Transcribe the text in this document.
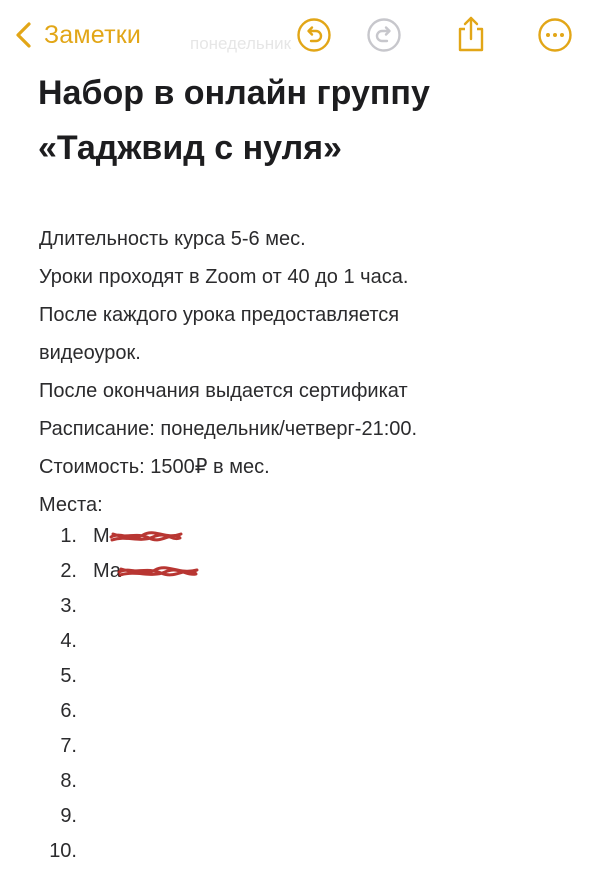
понедельник
Заметки
Набор в онлайн группу
«Таджвид с нуля»

Длительность курса 5-6 мес.

Уроки проходят в Zoom от 40 до 1 часа.

После каждого урока предоставляется

видеоурок.

После окончания выдается сертификат

Расписание: понедельник/четверг-21:00.

Стоимость: 1500₽ в мес.

Места:

1. М
2. Ма
3.
4.
5.
6.
7.
8.
9.
10.
